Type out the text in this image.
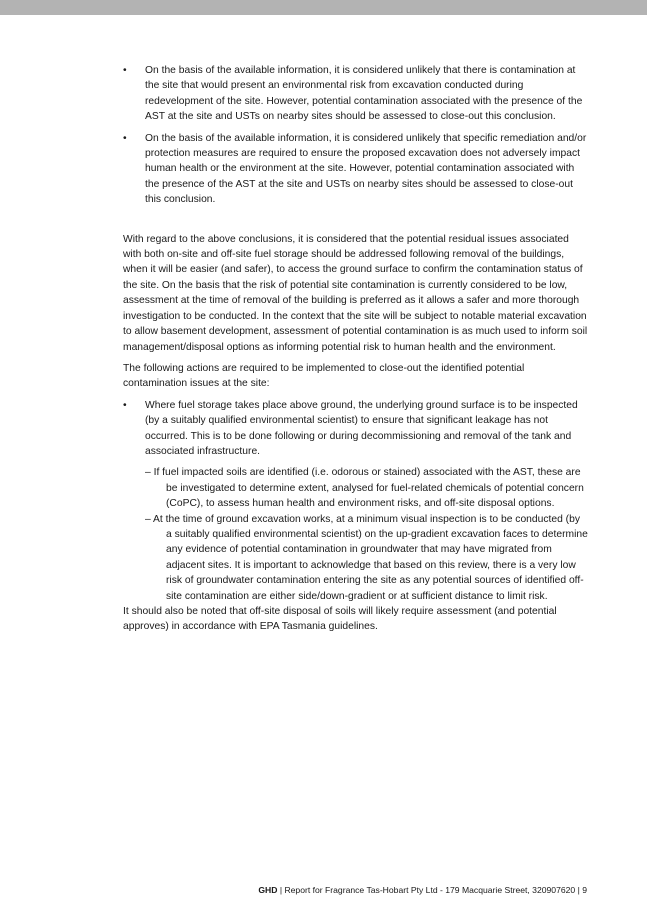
• On the basis of the available information, it is considered unlikely that there is contamination at the site that would present an environmental risk from excavation conducted during redevelopment of the site. However, potential contamination associated with the presence of the AST at the site and USTs on nearby sites should be assessed to close-out this conclusion.

• On the basis of the available information, it is considered unlikely that specific remediation and/or protection measures are required to ensure the proposed excavation does not adversely impact human health or the environment at the site. However, potential contamination associated with the presence of the AST at the site and USTs on nearby sites should be assessed to close-out this conclusion.

With regard to the above conclusions, it is considered that the potential residual issues associated with both on-site and off-site fuel storage should be addressed following removal of the buildings, when it will be easier (and safer), to access the ground surface to confirm the contamination status of the site. On the basis that the risk of potential site contamination is currently considered to be low, assessment at the time of removal of the building is preferred as it allows a safer and more thorough investigation to be conducted. In the context that the site will be subject to notable material excavation to allow basement development, assessment of potential contamination is as much used to inform soil management/disposal options as informing potential risk to human health and the environment.

The following actions are required to be implemented to close-out the identified potential contamination issues at the site:

• Where fuel storage takes place above ground, the underlying ground surface is to be inspected (by a suitably qualified environmental scientist) to ensure that significant leakage has not occurred. This is to be done following or during decommissioning and removal of the tank and associated infrastructure.

– If fuel impacted soils are identified (i.e. odorous or stained) associated with the AST, these are be investigated to determine extent, analysed for fuel-related chemicals of potential concern (CoPC), to assess human health and environment risks, and off-site disposal options.

– At the time of ground excavation works, at a minimum visual inspection is to be conducted (by a suitably qualified environmental scientist) on the up-gradient excavation faces to determine any evidence of potential contamination in groundwater that may have migrated from adjacent sites. It is important to acknowledge that based on this review, there is a very low risk of groundwater contamination entering the site as any potential sources of identified off-site contamination are either side/down-gradient or at sufficient distance to limit risk.

It should also be noted that off-site disposal of soils will likely require assessment (and potential approves) in accordance with EPA Tasmania guidelines.

GHD | Report for Fragrance Tas-Hobart Pty Ltd - 179 Macquarie Street, 320907620 | 9
